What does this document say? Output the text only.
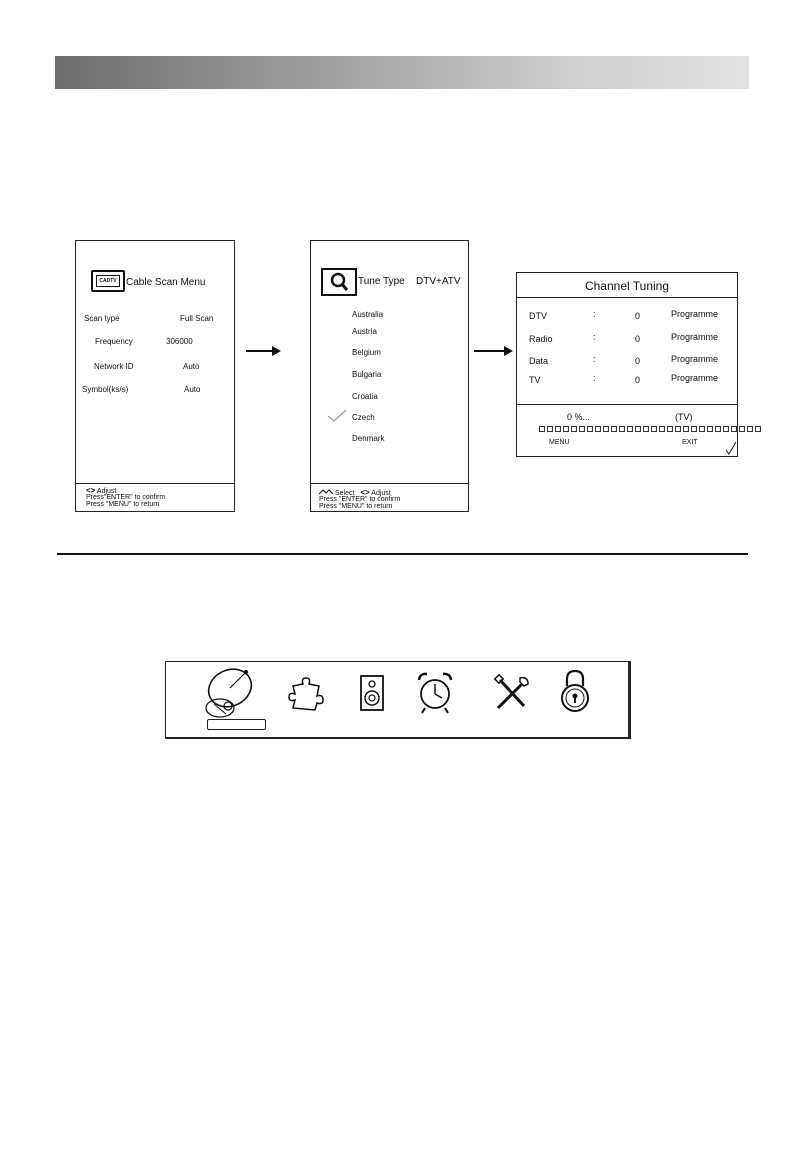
CADTV Cable Scan Menu
Scan type	Full Scan
Frequency	306000
Network ID	Auto
Symbol(ks/s)	Auto
<> Adjust
Press"ENTER" to confirm
Press "MENU" to return
Tune Type DTV+ATV
Australia
Austria
Belgium
Bulgaria
Croatia
Czech
Denmark
Select <> Adjust
Press "ENTER" to confirm
Press "MENU" to return
Channel Tuning
DTV	:	0	Programme
Radio	:	0	Programme
Data	:	0	Programme
TV	:	0	Programme
0 %...	(TV)
MENU	EXIT
